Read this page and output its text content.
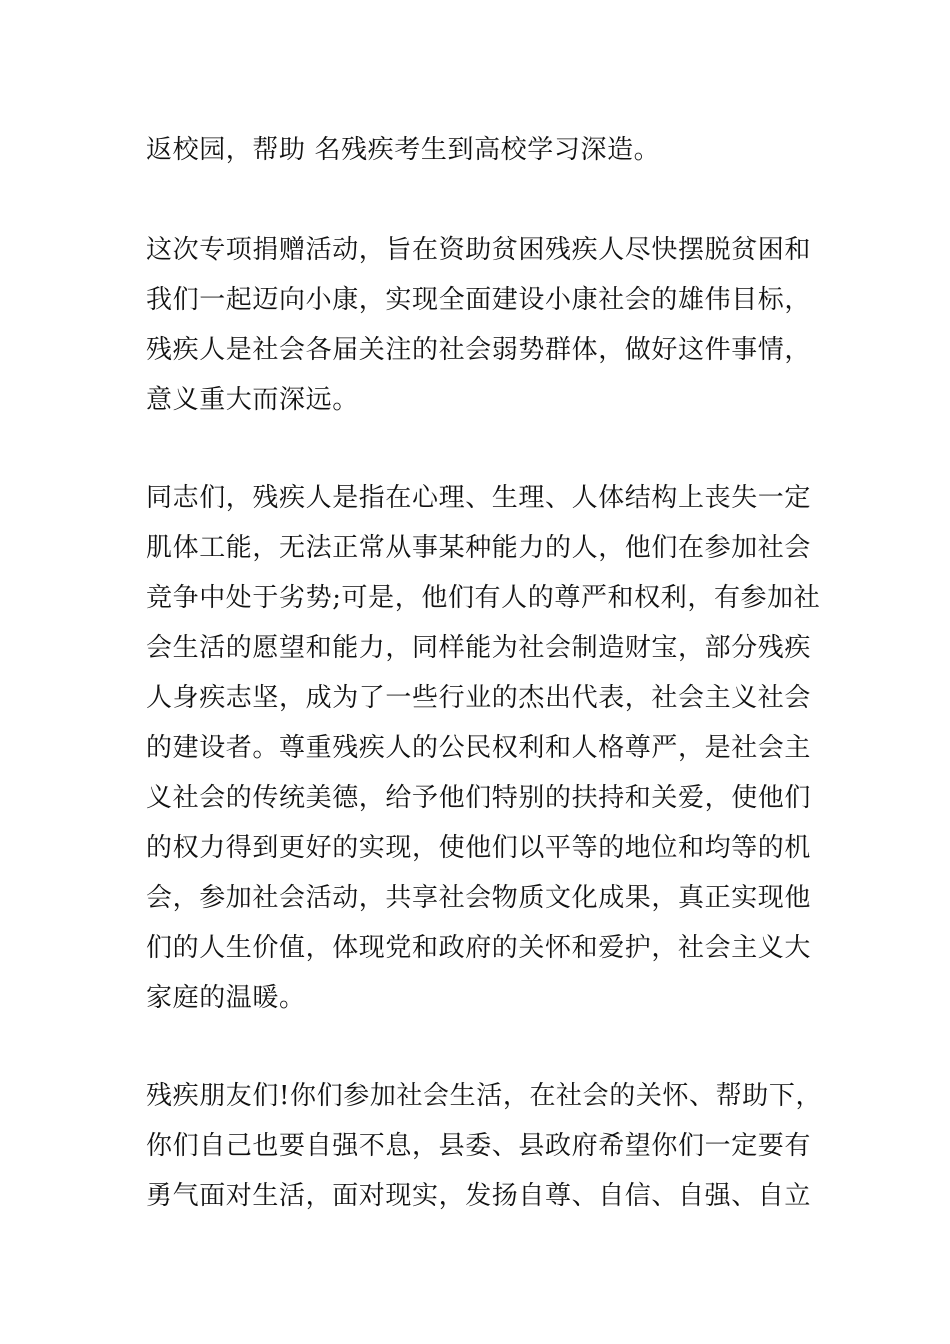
返校园，帮助 名残疾考生到高校学习深造。

这次专项捐赠活动，旨在资助贫困残疾人尽快摆脱贫困和

我们一起迈向小康，实现全面建设小康社会的雄伟目标，

残疾人是社会各届关注的社会弱势群体，做好这件事情，

意义重大而深远。

同志们，残疾人是指在心理、生理、人体结构上丧失一定

肌体工能，无法正常从事某种能力的人，他们在参加社会

竞争中处于劣势;可是，他们有人的尊严和权利，有参加社

会生活的愿望和能力，同样能为社会制造财宝，部分残疾

人身疾志坚，成为了一些行业的杰出代表，社会主义社会

的建设者。尊重残疾人的公民权利和人格尊严，是社会主

义社会的传统美德，给予他们特别的扶持和关爱，使他们

的权力得到更好的实现，使他们以平等的地位和均等的机

会，参加社会活动，共享社会物质文化成果，真正实现他

们的人生价值，体现党和政府的关怀和爱护，社会主义大

家庭的温暖。

残疾朋友们!你们参加社会生活，在社会的关怀、帮助下，

你们自己也要自强不息，县委、县政府希望你们一定要有

勇气面对生活，面对现实，发扬自尊、自信、自强、自立
